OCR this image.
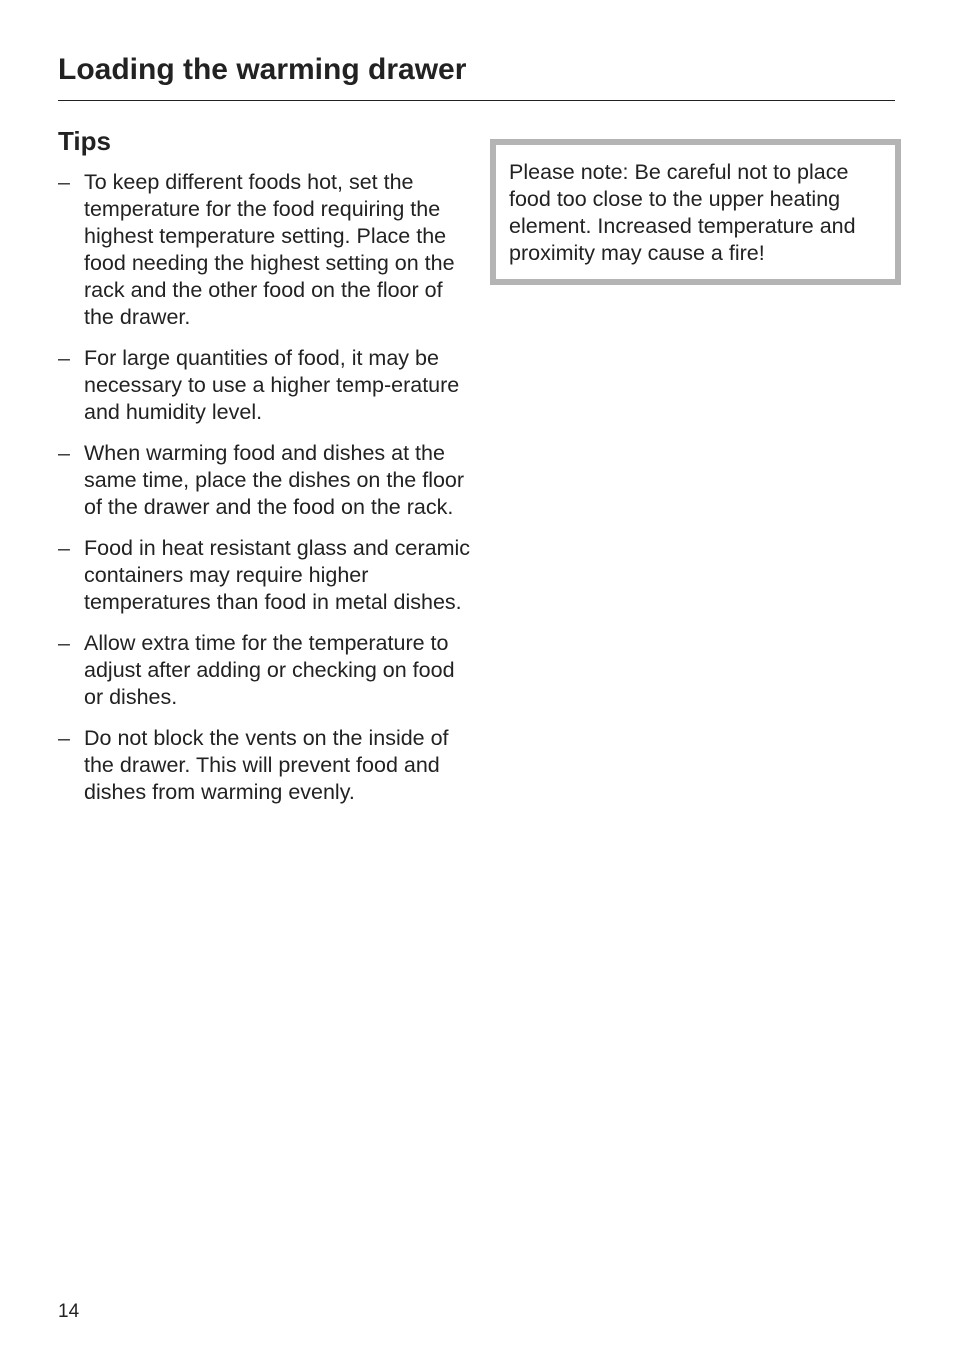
Loading the warming drawer
Tips
– To keep different foods hot, set the temperature for the food requiring the highest temperature setting. Place the food needing the highest setting on the rack and the other food on the floor of the drawer.
– For large quantities of food, it may be necessary to use a higher temp-erature and humidity level.
– When warming food and dishes at the same time, place the dishes on the floor of the drawer and the food on the rack.
– Food in heat resistant glass and ceramic containers may require higher temperatures than food in metal dishes.
– Allow extra time for the temperature to adjust after adding or checking on food or dishes.
– Do not block the vents on the inside of the drawer. This will prevent food and dishes from warming evenly.
Please note: Be careful not to place food too close to the upper heating element. Increased temperature and proximity may cause a fire!
14
